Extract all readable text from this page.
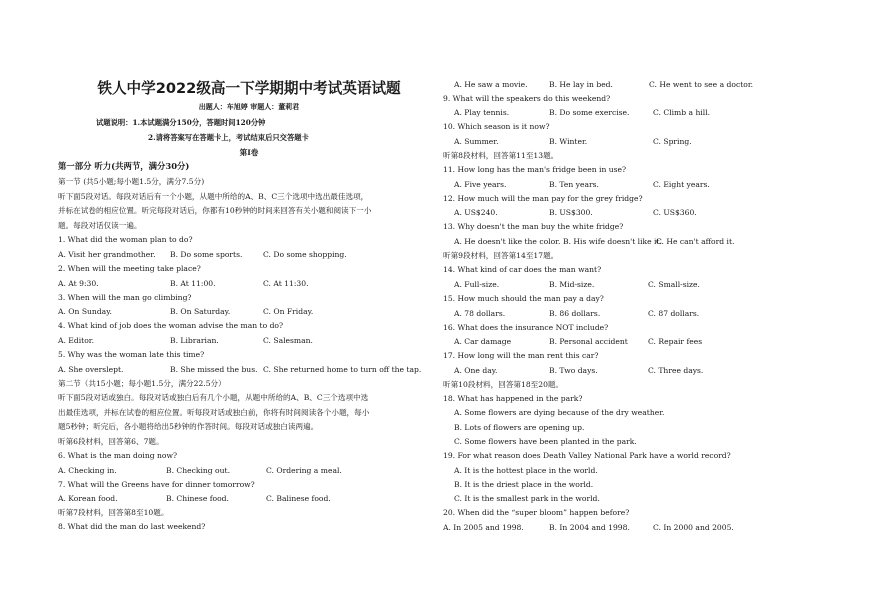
铁人中学2022级高一下学期期中考试英语试题
出题人：车旭婷 审题人：董莉君
试题说明：1.本试题满分150分，答题时间120分钟
2.请将答案写在答题卡上，考试结束后只交答题卡
第Ⅰ卷
第一部分 听力(共两节，满分30分)
第一节 (共5小题;每小题1.5分，满分7.5分)
听下面5段对话。每段对话后有一个小题，从题中所给的A、B、C三个选项中选出最佳选项，
并标在试卷的相应位置。听完每段对话后，你都有10秒钟的时间来回答有关小题和阅读下一小
题。每段对话仅读一遍。
1. What did the woman plan to do?
A. Visit her grandmother. B. Do some sports.	C. Do some shopping.
2. When will the meeting take place?
A. At 9:30.	B. At 11:00.	C. At 11:30.
3. When will the man go climbing?
A. On Sunday.	B. On Saturday.	C. On Friday.
4. What kind of job does the woman advise the man to do?
A. Editor.	B. Librarian.	C. Salesman.
5. Why was the woman late this time?
A. She overslept.	B. She missed the bus. C. She returned home to turn off the tap.
第二节（共15小题；每小题1.5分，满分22.5分）
听下面5段对话或独白。每段对话或独白后有几个小题，从题中所给的A、B、C三个选项中选
出最佳选项，并标在试卷的相应位置。听每段对话或独白前，你将有时间阅读各个小题，每小
题5秒钟；听完后，各小题将给出5秒钟的作答时间。每段对话或独白读两遍。
听第6段材料，回答第6、7题。
6. What is the man doing now?
A. Checking in.	B. Checking out.	C. Ordering a meal.
7. What will the Greens have for dinner tomorrow?
A. Korean food.	B. Chinese food.	C. Balinese food.
听第7段材料，回答第8至10题。
8. What did the man do last weekend?
A. He saw a movie.	B. He lay in bed.	C. He went to see a doctor.
9. What will the speakers do this weekend?
A. Play tennis.	B. Do some exercise.	C. Climb a hill.
10. Which season is it now?
A. Summer.	B. Winter.	C. Spring.
听第8段材料，回答第11至13题。
11. How long has the man's fridge been in use?
A. Five years.	B. Ten years.	C. Eight years.
12. How much will the man pay for the grey fridge?
A. US$240.	B. US$300.	C. US$360.
13. Why doesn't the man buy the white fridge?
A. He doesn't like the color. B. His wife doesn't like it.
C. He can't afford it.
听第9段材料，回答第14至17题。
14. What kind of car does the man want?
A. Full-size.	B. Mid-size.	C. Small-size.
15. How much should the man pay a day?
A. 78 dollars.	B. 86 dollars.	C. 87 dollars.
16. What does the insurance NOT include?
A. Car damage	B. Personal accident	C. Repair fees
17. How long will the man rent this car?
A. One day.	B. Two days.	C. Three days.
听第10段材料，回答第18至20题。
18. What has happened in the park?
A. Some flowers are dying because of the dry weather.
B. Lots of flowers are opening up.
C. Some flowers have been planted in the park.
19. For what reason does Death Valley National Park have a world record?
A. It is the hottest place in the world.
B. It is the driest place in the world.
C. It is the smallest park in the world.
20. When did the “super bloom” happen before?
A. In 2005 and 1998.	B. In 2004 and 1998.	C. In 2000 and 2005.
